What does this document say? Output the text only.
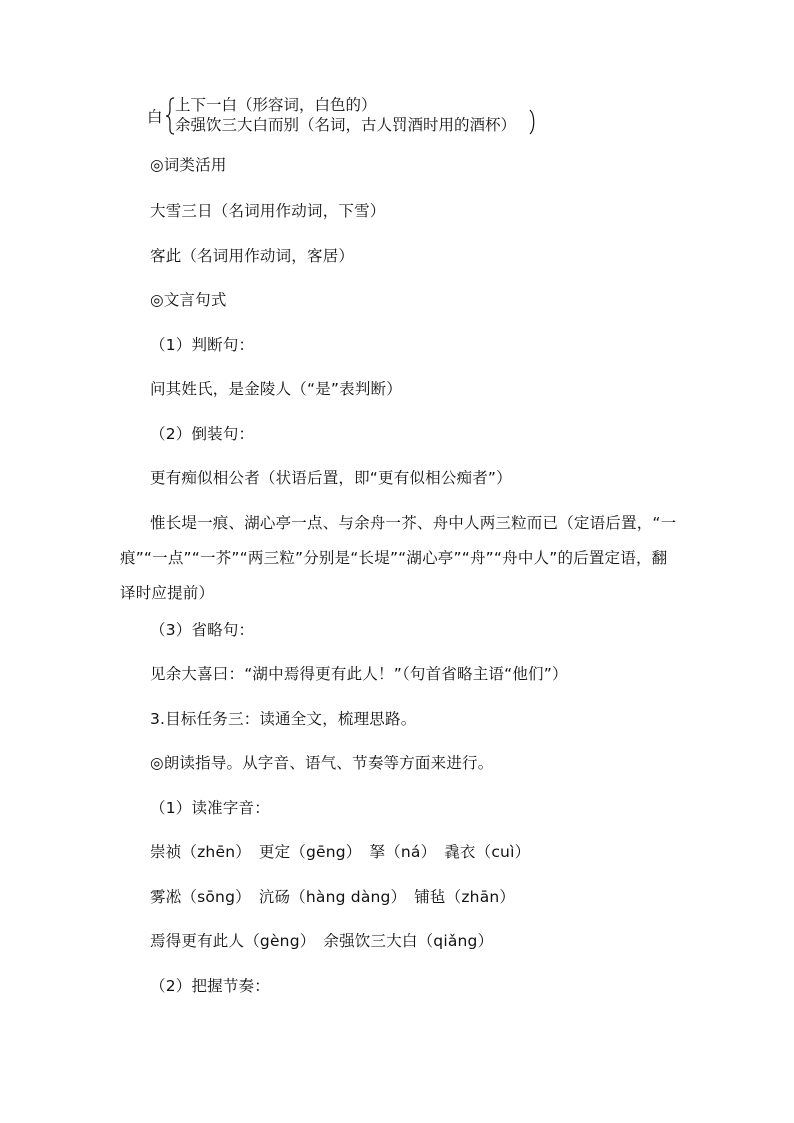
白
上下一白（形容词，白色的）
余强饮三大白而别（名词，古人罚酒时用的酒杯）
◎词类活用
大雪三日（名词用作动词，下雪）
客此（名词用作动词，客居）
◎文言句式
（1）判断句：
问其姓氏，是金陵人（“是”表判断）
（2）倒装句：
更有痴似相公者（状语后置，即“更有似相公痴者”）
惟长堤一痕、湖心亭一点、与余舟一芥、舟中人两三粒而已（定语后置，“一痕”“一点”“一芥”“两三粒”分别是“长堤”“湖心亭”“舟”“舟中人”的后置定语，翻译时应提前）
（3）省略句：
见余大喜曰：“湖中焉得更有此人！”（句首省略主语“他们”）
3.目标任务三：读通全文，梳理思路。
◎朗读指导。从字音、语气、节奏等方面来进行。
（1）读准字音：
崇祯（zhēn）　更定（gēng）　拏（ná）　毳衣（cuì）
雾凇（sōng）　沆砀（hàng dàng）　铺毡（zhān）
焉得更有此人（gèng）　余强饮三大白（qiǎng）
（2）把握节奏：
